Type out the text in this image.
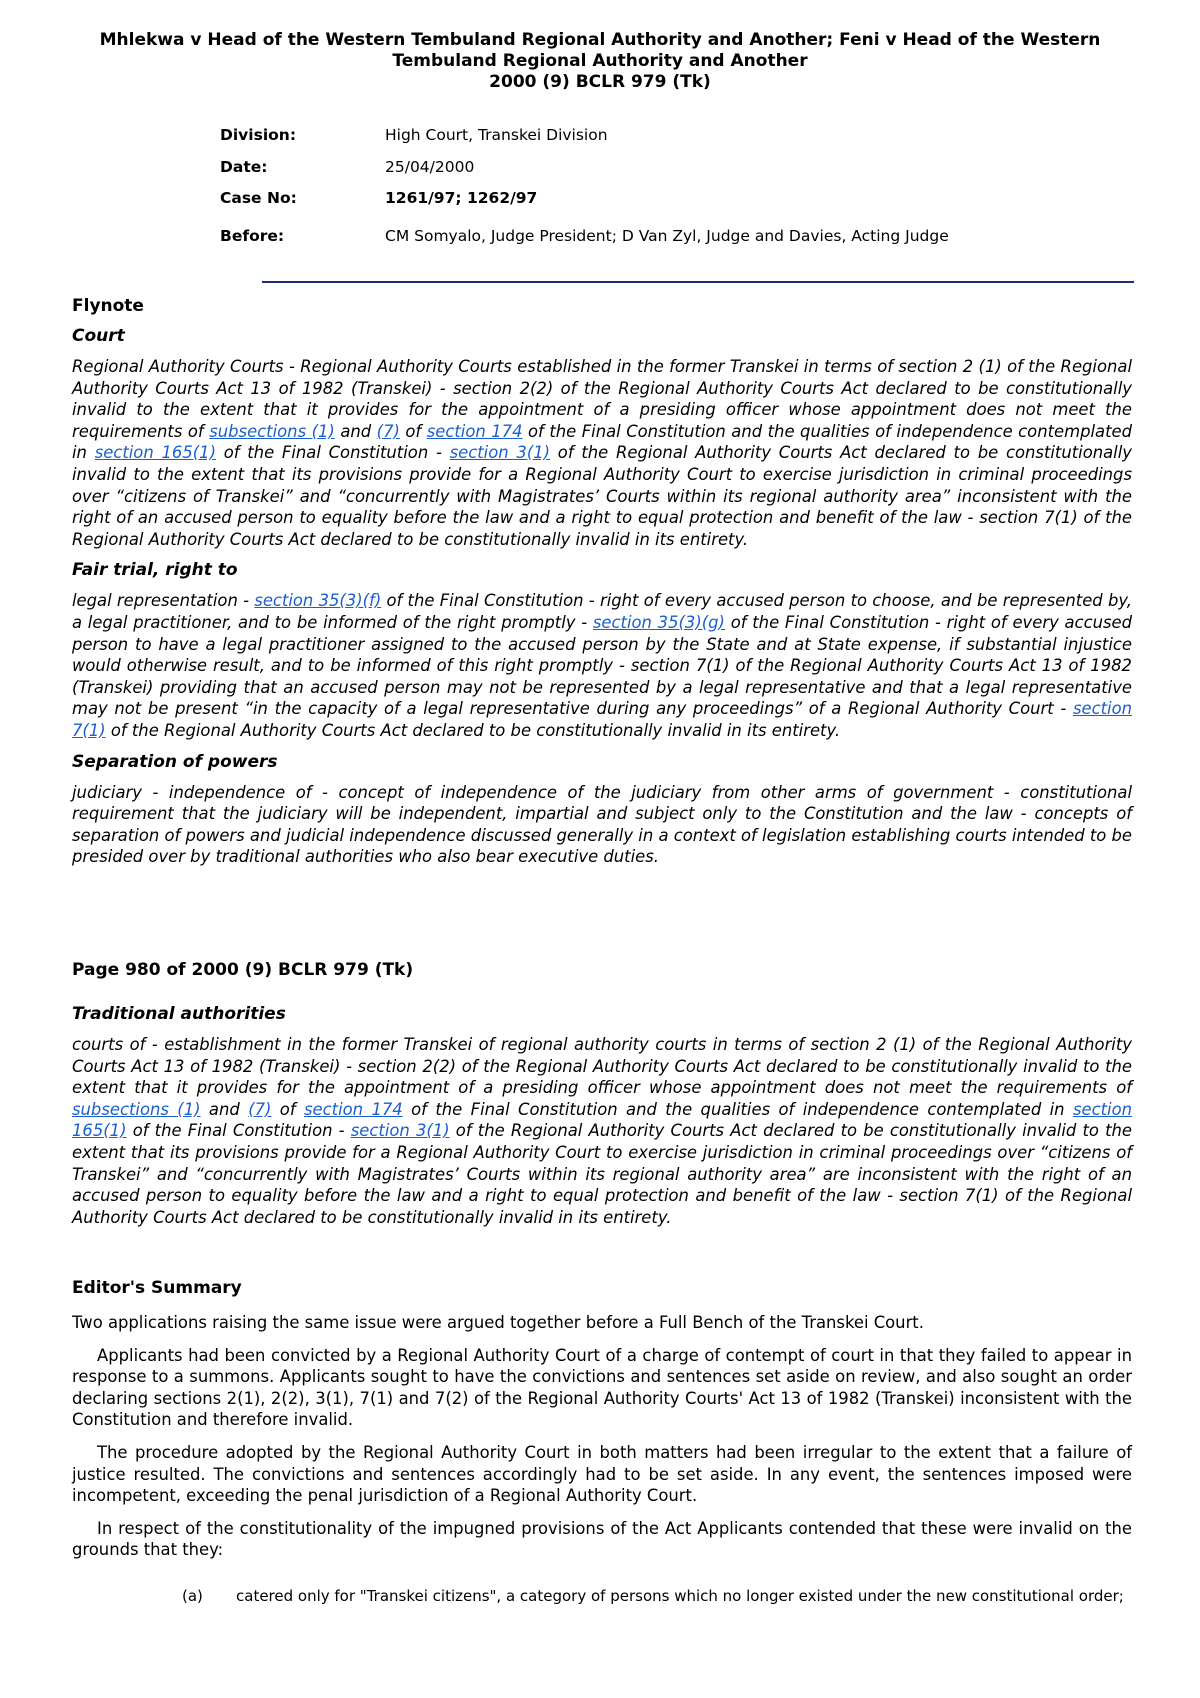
Mhlekwa v Head of the Western Tembuland Regional Authority and Another; Feni v Head of the Western
Tembuland Regional Authority and Another
2000 (9) BCLR 979 (Tk)
Division:	High Court, Transkei Division
Date:	25/04/2000
Case No:	1261/97; 1262/97
Before:	CM Somyalo, Judge President; D Van Zyl, Judge and Davies, Acting Judge

Flynote

Court

Regional Authority Courts - Regional Authority Courts established in the former Transkei in terms of section 2 (1) of the Regional Authority Courts Act 13 of 1982 (Transkei) - section 2(2) of the Regional Authority Courts Act declared to be constitutionally invalid to the extent that it provides for the appointment of a presiding officer whose appointment does not meet the requirements of subsections (1) and (7) of section 174 of the Final Constitution and the qualities of independence contemplated in section 165(1) of the Final Constitution - section 3(1) of the Regional Authority Courts Act declared to be constitutionally invalid to the extent that its provisions provide for a Regional Authority Court to exercise jurisdiction in criminal proceedings over “citizens of Transkei” and “concurrently with Magistrates’ Courts within its regional authority area” inconsistent with the right of an accused person to equality before the law and a right to equal protection and benefit of the law - section 7(1) of the Regional Authority Courts Act declared to be constitutionally invalid in its entirety.

Fair trial, right to

legal representation - section 35(3)(f) of the Final Constitution - right of every accused person to choose, and be represented by, a legal practitioner, and to be informed of the right promptly - section 35(3)(g) of the Final Constitution - right of every accused person to have a legal practitioner assigned to the accused person by the State and at State expense, if substantial injustice would otherwise result, and to be informed of this right promptly - section 7(1) of the Regional Authority Courts Act 13 of 1982 (Transkei) providing that an accused person may not be represented by a legal representative and that a legal representative may not be present “in the capacity of a legal representative during any proceedings” of a Regional Authority Court - section 7(1) of the Regional Authority Courts Act declared to be constitutionally invalid in its entirety.

Separation of powers

judiciary - independence of - concept of independence of the judiciary from other arms of government - constitutional requirement that the judiciary will be independent, impartial and subject only to the Constitution and the law - concepts of separation of powers and judicial independence discussed generally in a context of legislation establishing courts intended to be presided over by traditional authorities who also bear executive duties.

Page 980 of 2000 (9) BCLR 979 (Tk)

Traditional authorities

courts of - establishment in the former Transkei of regional authority courts in terms of section 2 (1) of the Regional Authority Courts Act 13 of 1982 (Transkei) - section 2(2) of the Regional Authority Courts Act declared to be constitutionally invalid to the extent that it provides for the appointment of a presiding officer whose appointment does not meet the requirements of subsections (1) and (7) of section 174 of the Final Constitution and the qualities of independence contemplated in section 165(1) of the Final Constitution - section 3(1) of the Regional Authority Courts Act declared to be constitutionally invalid to the extent that its provisions provide for a Regional Authority Court to exercise jurisdiction in criminal proceedings over “citizens of Transkei” and “concurrently with Magistrates’ Courts within its regional authority area” are inconsistent with the right of an accused person to equality before the law and a right to equal protection and benefit of the law - section 7(1) of the Regional Authority Courts Act declared to be constitutionally invalid in its entirety.

Editor's Summary

Two applications raising the same issue were argued together before a Full Bench of the Transkei Court.

Applicants had been convicted by a Regional Authority Court of a charge of contempt of court in that they failed to appear in response to a summons. Applicants sought to have the convictions and sentences set aside on review, and also sought an order declaring sections 2(1), 2(2), 3(1), 7(1) and 7(2) of the Regional Authority Courts' Act 13 of 1982 (Transkei) inconsistent with the Constitution and therefore invalid.

The procedure adopted by the Regional Authority Court in both matters had been irregular to the extent that a failure of justice resulted. The convictions and sentences accordingly had to be set aside. In any event, the sentences imposed were incompetent, exceeding the penal jurisdiction of a Regional Authority Court.

In respect of the constitutionality of the impugned provisions of the Act Applicants contended that these were invalid on the grounds that they:

(a) catered only for "Transkei citizens", a category of persons which no longer existed under the new constitutional order;
